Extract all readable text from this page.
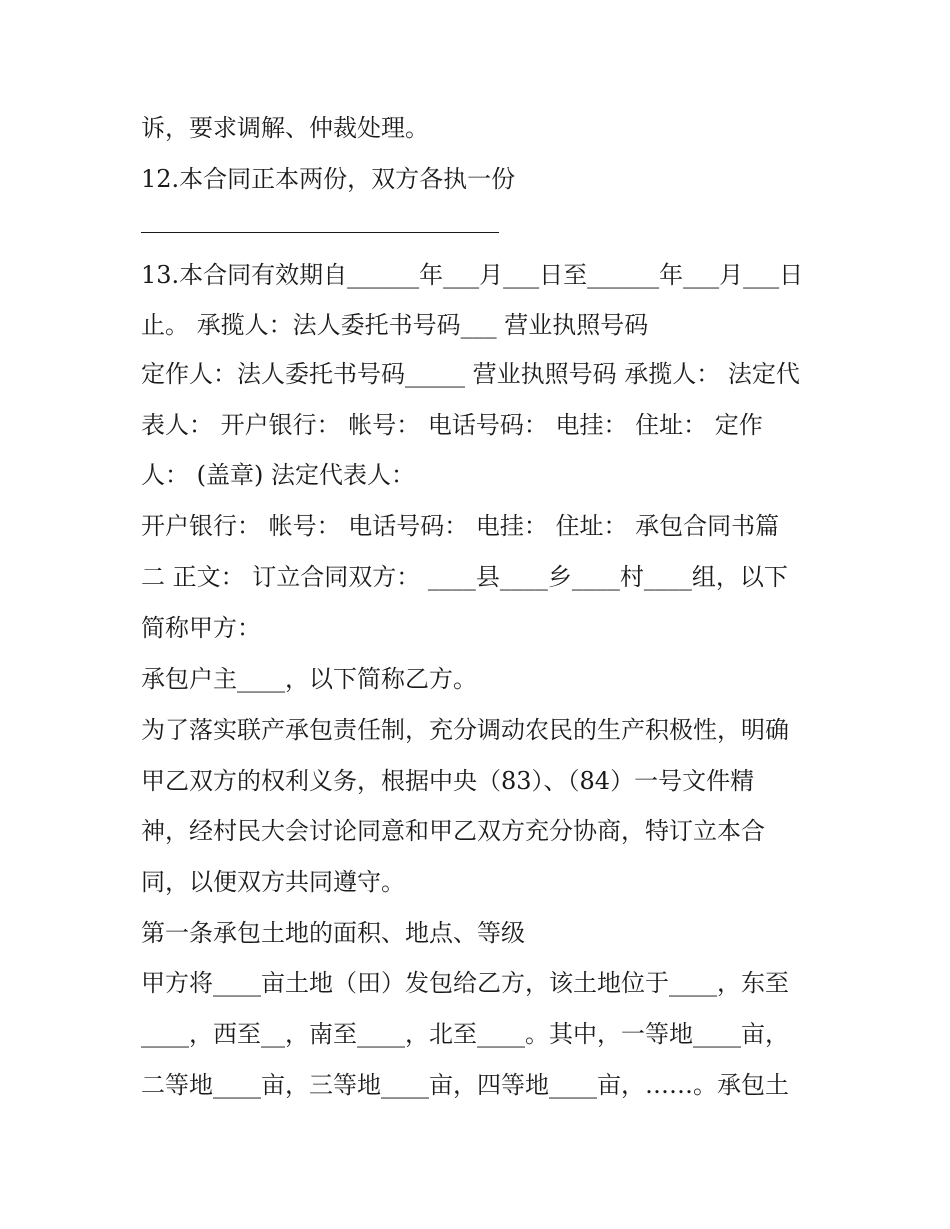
诉，要求调解、仲裁处理。
12.本合同正本两份，双方各执一份
13.本合同有效期自______年___月___日至______年___月___日
止。 承揽人：法人委托书号码___ 营业执照号码
定作人：法人委托书号码_____ 营业执照号码 承揽人： 法定代
表人： 开户银行： 帐号： 电话号码： 电挂： 住址： 定作
人： (盖章) 法定代表人：
开户银行： 帐号： 电话号码： 电挂： 住址： 承包合同书篇
二 正文： 订立合同双方： ____县____乡____村____组，以下
简称甲方：
承包户主____，以下简称乙方。
为了落实联产承包责任制，充分调动农民的生产积极性，明确
甲乙双方的权利义务，根据中央（83）、（84）一号文件精
神，经村民大会讨论同意和甲乙双方充分协商，特订立本合
同，以便双方共同遵守。
第一条承包土地的面积、地点、等级
甲方将____亩土地（田）发包给乙方，该土地位于____，东至
____，西至__，南至____，北至____。其中，一等地____亩，
二等地____亩，三等地____亩，四等地____亩，……。承包土
